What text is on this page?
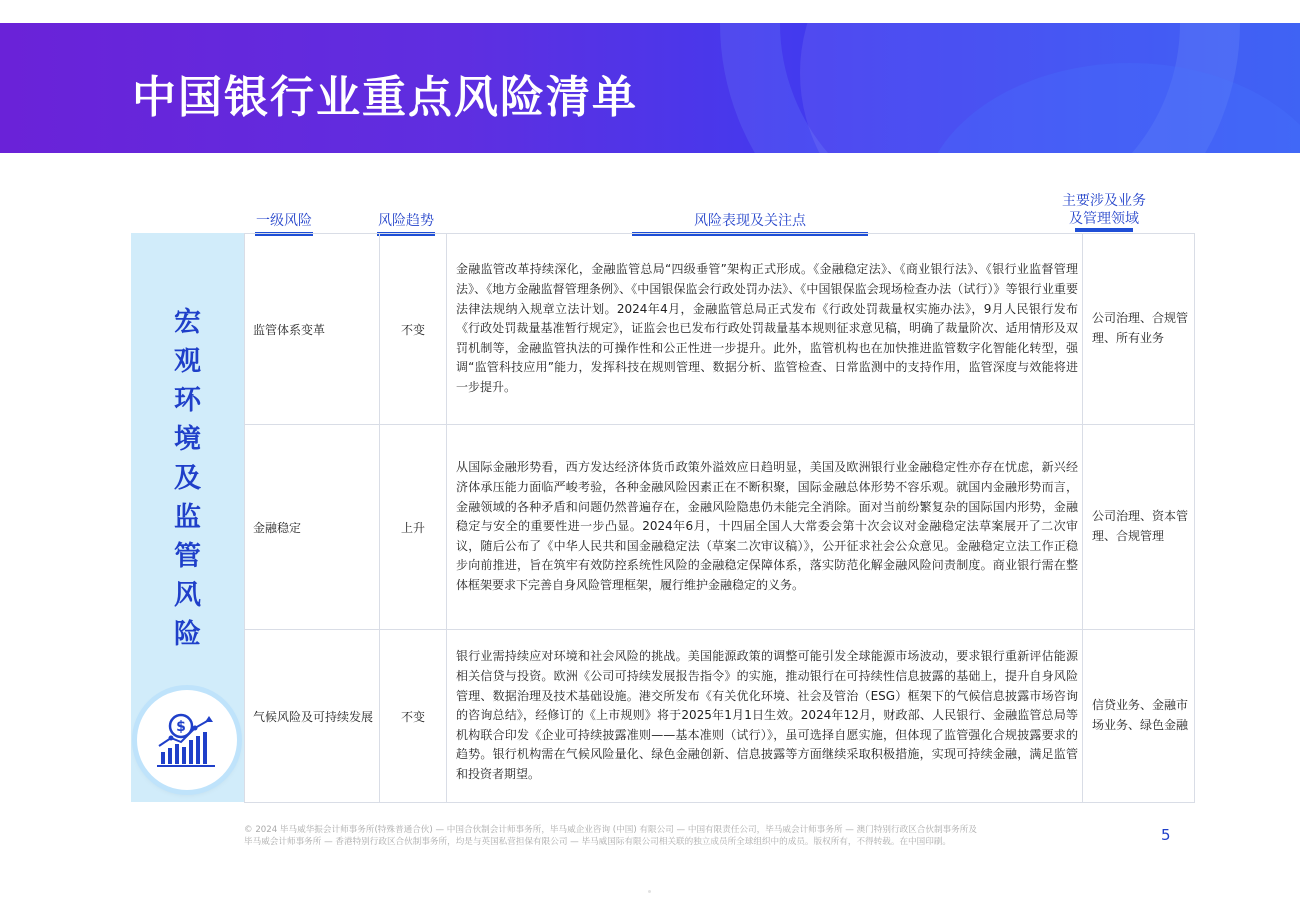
中国银行业重点风险清单
一级风险	风险趋势	风险表现及关注点
主要涉及业务
及管理领域
宏
观
环
境
及
监
管
风
险
$
监管体系变革	不变	金融监管改革持续深化，金融监管总局“四级垂管”架构正式形成。《金融稳定法》、《商业银行法》、《银行业监督管理法》、《地方金融监督管理条例》、《中国银保监会行政处罚办法》、《中国银保监会现场检查办法（试行）》等银行业重要法律法规纳入规章立法计划。2024年4月，金融监管总局正式发布《行政处罚裁量权实施办法》，9月人民银行发布《行政处罚裁量基准暂行规定》，证监会也已发布行政处罚裁量基本规则征求意见稿，明确了裁量阶次、适用情形及双罚机制等，金融监管执法的可操作性和公正性进一步提升。此外，监管机构也在加快推进监管数字化智能化转型，强调“监管科技应用”能力，发挥科技在规则管理、数据分析、监管检查、日常监测中的支持作用，监管深度与效能将进一步提升。	公司治理、合规管理、所有业务
金融稳定	上升	从国际金融形势看，西方发达经济体货币政策外溢效应日趋明显，美国及欧洲银行业金融稳定性亦存在忧虑，新兴经济体承压能力面临严峻考验，各种金融风险因素正在不断积聚，国际金融总体形势不容乐观。就国内金融形势而言，金融领域的各种矛盾和问题仍然普遍存在，金融风险隐患仍未能完全消除。面对当前纷繁复杂的国际国内形势，金融稳定与安全的重要性进一步凸显。2024年6月，十四届全国人大常委会第十次会议对金融稳定法草案展开了二次审议，随后公布了《中华人民共和国金融稳定法（草案二次审议稿）》，公开征求社会公众意见。金融稳定立法工作正稳步向前推进，旨在筑牢有效防控系统性风险的金融稳定保障体系，落实防范化解金融风险问责制度。商业银行需在整体框架要求下完善自身风险管理框架，履行维护金融稳定的义务。	公司治理、资本管理、合规管理
气候风险及可持续发展	不变	银行业需持续应对环境和社会风险的挑战。美国能源政策的调整可能引发全球能源市场波动，要求银行重新评估能源相关信贷与投资。欧洲《公司可持续发展报告指令》的实施，推动银行在可持续性信息披露的基础上，提升自身风险管理、数据治理及技术基础设施。港交所发布《有关优化环境、社会及管治（ESG）框架下的气候信息披露市场咨询的咨询总结》，经修订的《上市规则》将于2025年1月1日生效。2024年12月，财政部、人民银行、金融监管总局等机构联合印发《企业可持续披露准则——基本准则（试行）》，虽可选择自愿实施，但体现了监管强化合规披露要求的趋势。银行机构需在气候风险量化、绿色金融创新、信息披露等方面继续采取积极措施，实现可持续金融，满足监管和投资者期望。	信贷业务、金融市场业务、绿色金融
© 2024 毕马威华振会计师事务所(特殊普通合伙) — 中国合伙制会计师事务所，毕马威企业咨询 (中国) 有限公司 — 中国有限责任公司，毕马威会计师事务所 — 澳门特别行政区合伙制事务所及
毕马威会计师事务所 — 香港特别行政区合伙制事务所，均是与英国私营担保有限公司 — 毕马威国际有限公司相关联的独立成员所全球组织中的成员。版权所有，不得转载。在中国印刷。	5
